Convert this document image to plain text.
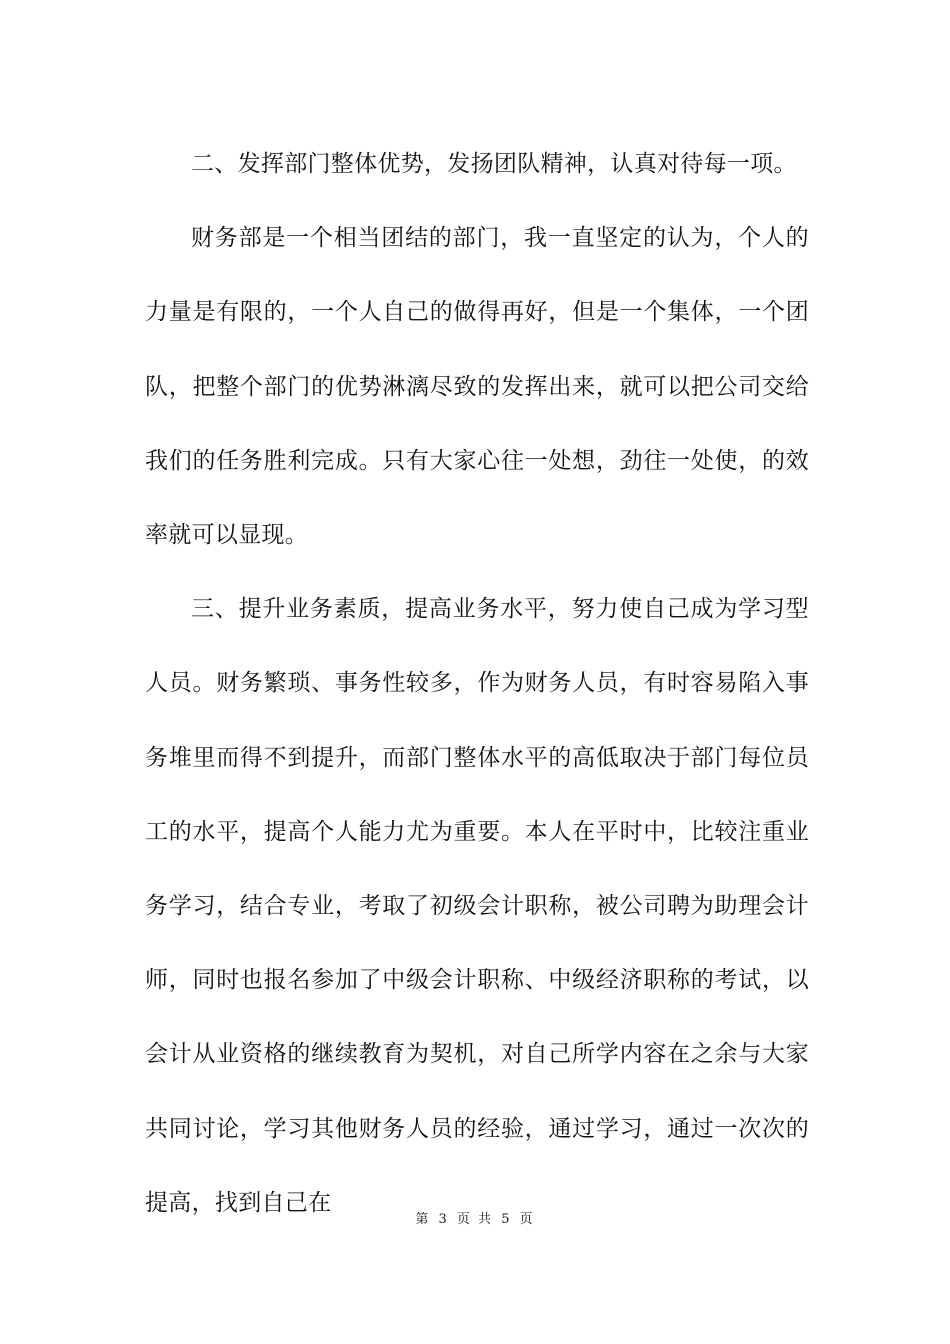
二、发挥部门整体优势，发扬团队精神，认真对待每一项。

财务部是一个相当团结的部门，我一直坚定的认为，个人的力量是有限的，一个人自己的做得再好，但是一个集体，一个团队，把整个部门的优势淋漓尽致的发挥出来，就可以把公司交给我们的任务胜利完成。只有大家心往一处想，劲往一处使，的效率就可以显现。

三、提升业务素质，提高业务水平，努力使自己成为学习型人员。财务繁琐、事务性较多，作为财务人员，有时容易陷入事务堆里而得不到提升，而部门整体水平的高低取决于部门每位员工的水平，提高个人能力尤为重要。本人在平时中，比较注重业务学习，结合专业，考取了初级会计职称，被公司聘为助理会计师，同时也报名参加了中级会计职称、中级经济职称的考试，以会计从业资格的继续教育为契机，对自己所学内容在之余与大家共同讨论，学习其他财务人员的经验，通过学习，通过一次次的提高，找到自己在

第 3 页 共 5 页
